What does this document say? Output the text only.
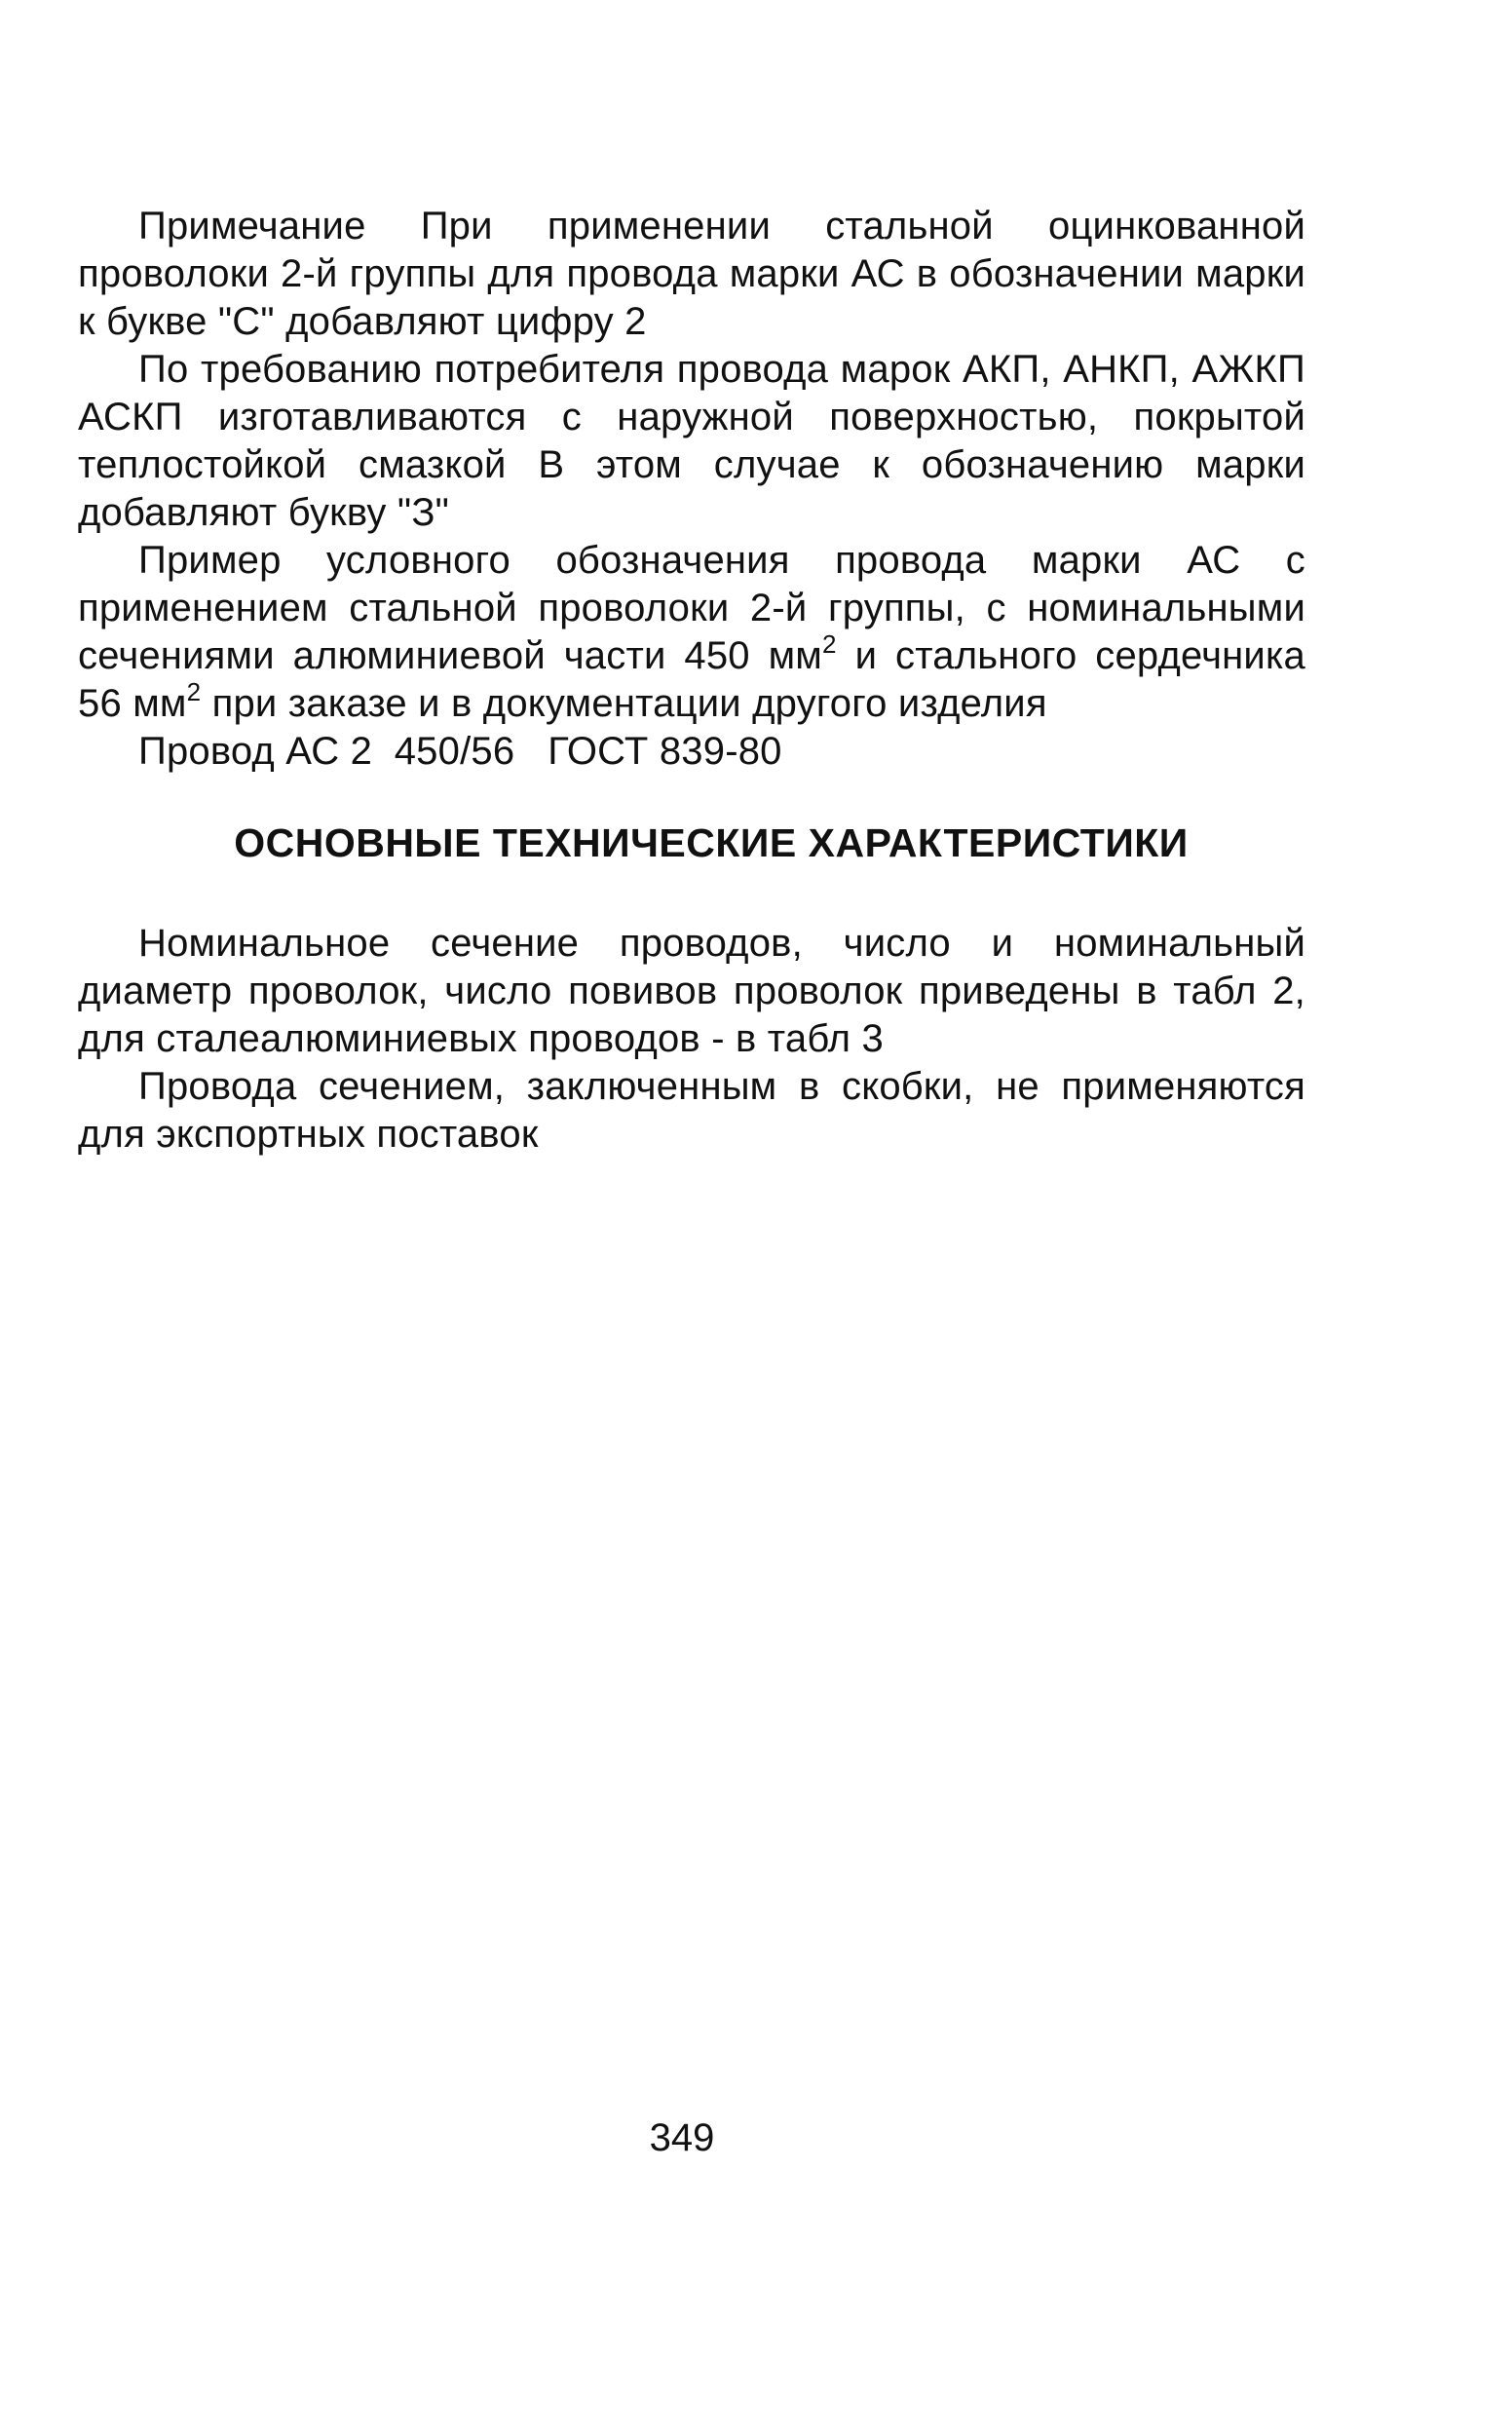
Примечание При применении стальной оцинкованной проволоки 2-й группы для провода марки АС в обозначении марки к букве "С" добавляют цифру 2

По требованию потребителя провода марок АКП, АНКП, АЖКП АСКП изготавливаются с наружной поверхностью, покрытой теплостойкой смазкой В этом случае к обозначению марки добавляют букву "З"

Пример условного обозначения провода марки АС с применением стальной проволоки 2-й группы, с номинальными сечениями алюминиевой части 450 $мм^2$ и стального сердечника 56 $мм^2$ при заказе и в документации другого изделия

Провод АС 2  450/56   ГОСТ 839-80

ОСНОВНЫЕ ТЕХНИЧЕСКИЕ ХАРАКТЕРИСТИКИ

Номинальное сечение проводов, число и номинальный диаметр проволок, число повивов проволок приведены в табл 2, для сталеалюминиевых проводов - в табл 3

Провода сечением, заключенным в скобки, не применяются для экспортных поставок

349
